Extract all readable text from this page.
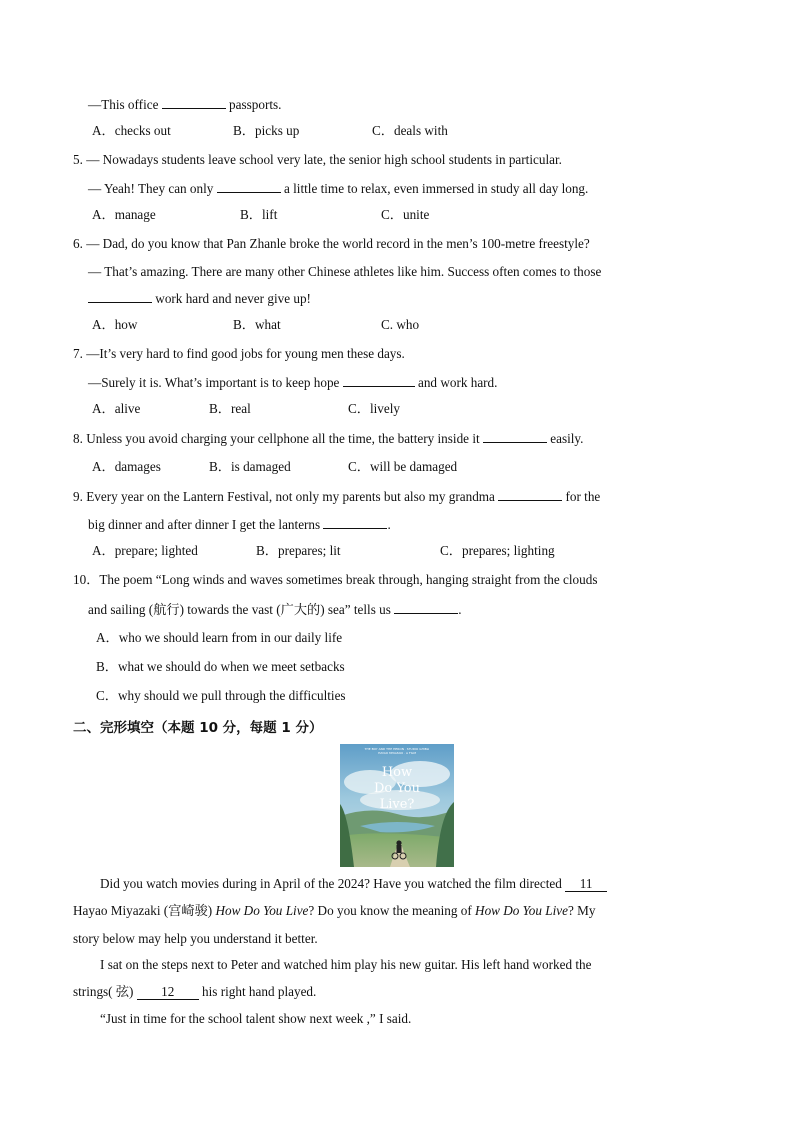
—This office	passports.
A．checks out	B．picks up	C．deals with
5. — Nowadays students leave school very late, the senior high school students in particular.
— Yeah! They can only	a little time to relax, even immersed in study all day long.
A．manage	B．lift	C．unite
6. — Dad, do you know that Pan Zhanle broke the world record in the men’s 100-metre freestyle?
— That’s amazing. There are many other Chinese athletes like him. Success often comes to those
work hard and never give up!
A．how	B．what	C. who
7. —It’s very hard to find good jobs for young men these days.
—Surely it is. What’s important is to keep hope	and work hard.
A．alive	B．real	C．lively
8. Unless you avoid charging your cellphone all the time, the battery inside it	easily.
A．damages	B．is damaged	C．will be damaged
9. Every year on the Lantern Festival, not only my parents but also my grandma	for the
big dinner and after dinner I get the lanterns	.
A．prepare; lighted	B．prepares; lit	C．prepares; lighting
10．The poem “Long winds and waves sometimes break through, hanging straight from the clouds
and sailing (航行) towards the vast (广大的) sea” tells us	.
A．who we should learn from in our daily life
B．what we should do when we meet setbacks
C．why should we pull through the difficulties
二、完形填空（本题 10 分，每题 1 分）
THE BOY AND THE HERON · STUDIO GHIBLI
HAYAO MIYAZAKI · A FILM
How
Do You
Live?
Did you watch movies during in April of the 2024? Have you watched the film directed 11
Hayao Miyazaki (宫崎骏) How Do You Live? Do you know the meaning of How Do You Live? My
story below may help you understand it better.
I sat on the steps next to Peter and watched him play his new guitar. His left hand worked the
strings( 弦) 12 his right hand played.
“Just in time for the school talent show next week ,” I said.
